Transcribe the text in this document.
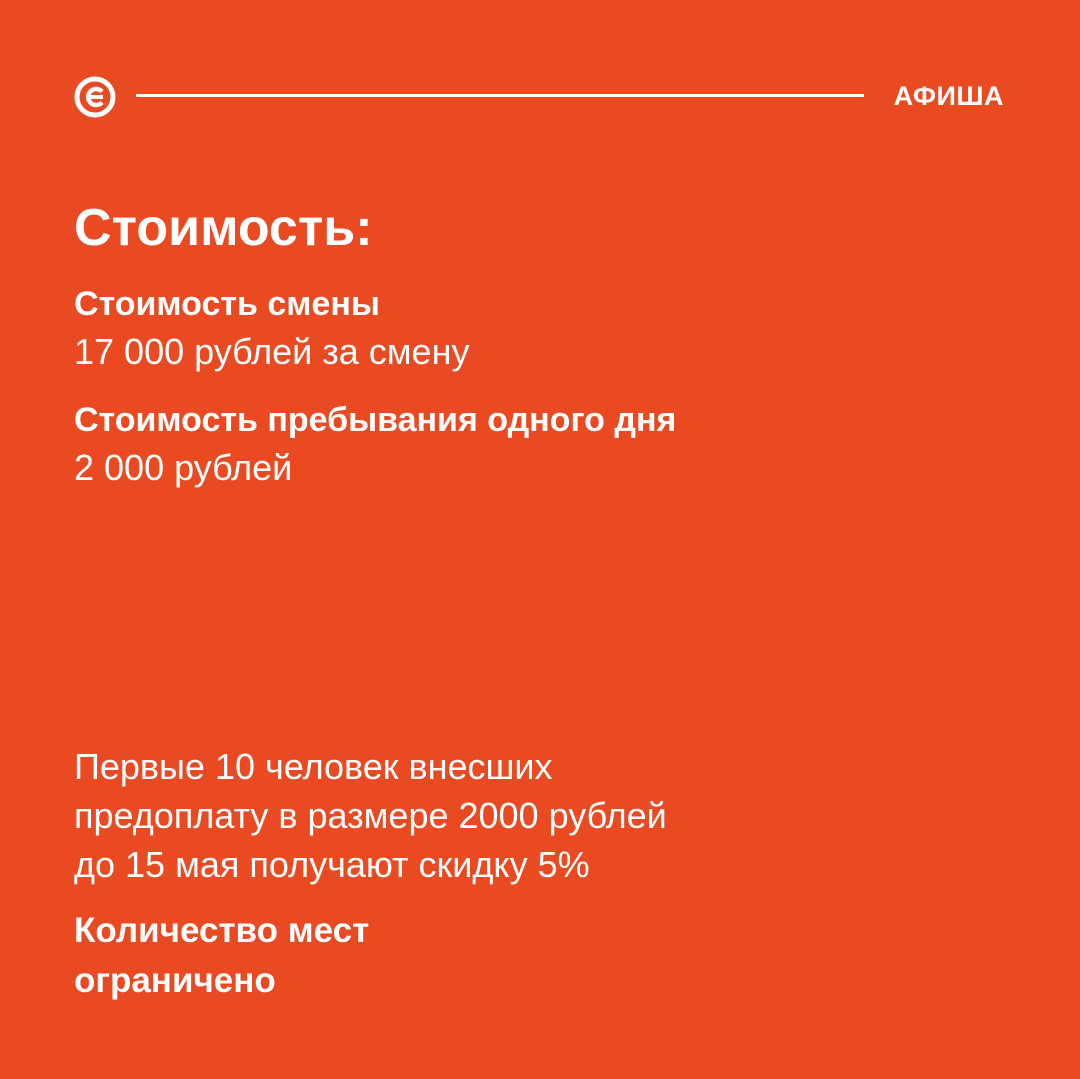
АФИША
Стоимость:
Стоимость смены
17 000 рублей за смену
Стоимость пребывания одного дня
2 000 рублей
Первые 10 человек внесших
предоплату в размере 2000 рублей
до 15 мая получают скидку 5%
Количество мест
ограничено
